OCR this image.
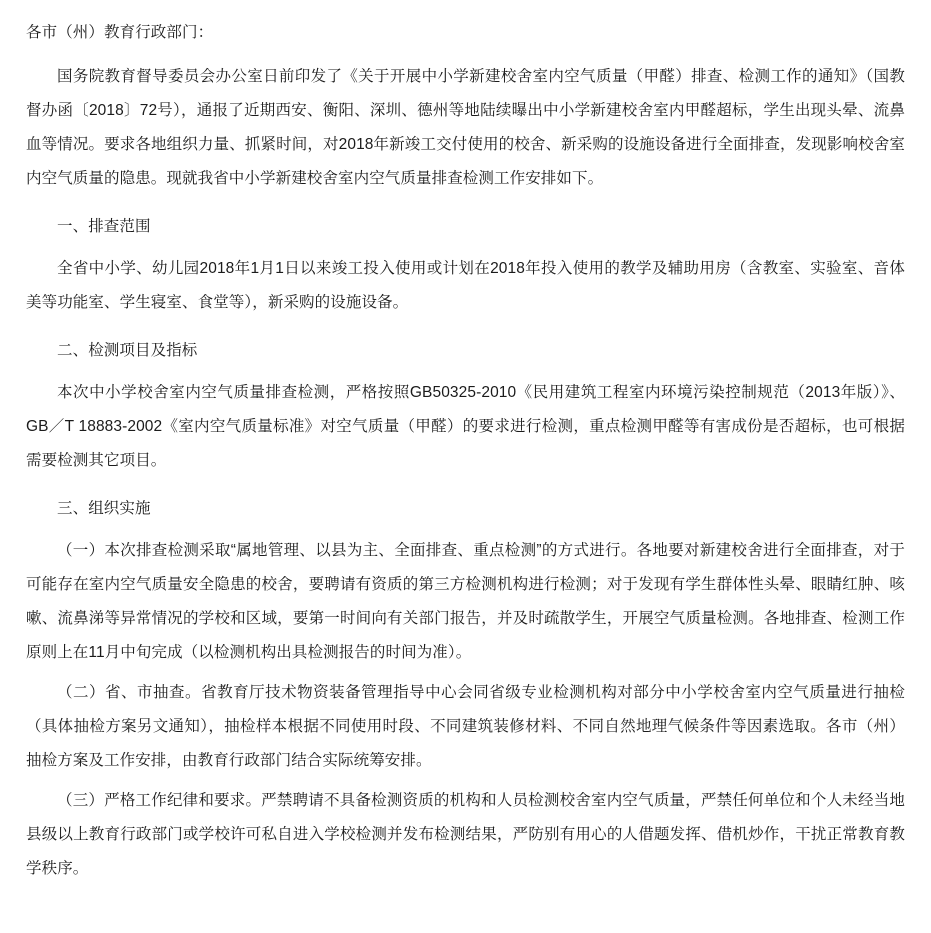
各市（州）教育行政部门：

国务院教育督导委员会办公室日前印发了《关于开展中小学新建校舍室内空气质量（甲醛）排查、检测工作的通知》（国教督办函〔2018〕72号），通报了近期西安、衡阳、深圳、德州等地陆续曝出中小学新建校舍室内甲醛超标，学生出现头晕、流鼻血等情况。要求各地组织力量、抓紧时间，对2018年新竣工交付使用的校舍、新采购的设施设备进行全面排查，发现影响校舍室内空气质量的隐患。现就我省中小学新建校舍室内空气质量排查检测工作安排如下。

一、排查范围

全省中小学、幼儿园2018年1月1日以来竣工投入使用或计划在2018年投入使用的教学及辅助用房（含教室、实验室、音体美等功能室、学生寝室、食堂等），新采购的设施设备。

二、检测项目及指标

本次中小学校舍室内空气质量排查检测，严格按照GB50325-2010《民用建筑工程室内环境污染控制规范（2013年版）》、GB／T 18883-2002《室内空气质量标准》对空气质量（甲醛）的要求进行检测，重点检测甲醛等有害成份是否超标，也可根据需要检测其它项目。

三、组织实施

（一）本次排查检测采取“属地管理、以县为主、全面排查、重点检测”的方式进行。各地要对新建校舍进行全面排查，对于可能存在室内空气质量安全隐患的校舍，要聘请有资质的第三方检测机构进行检测；对于发现有学生群体性头晕、眼睛红肿、咳嗽、流鼻涕等异常情况的学校和区域，要第一时间向有关部门报告，并及时疏散学生，开展空气质量检测。各地排查、检测工作原则上在11月中旬完成（以检测机构出具检测报告的时间为准）。

（二）省、市抽查。省教育厅技术物资装备管理指导中心会同省级专业检测机构对部分中小学校舍室内空气质量进行抽检（具体抽检方案另文通知），抽检样本根据不同使用时段、不同建筑装修材料、不同自然地理气候条件等因素选取。各市（州）抽检方案及工作安排，由教育行政部门结合实际统筹安排。

（三）严格工作纪律和要求。严禁聘请不具备检测资质的机构和人员检测校舍室内空气质量，严禁任何单位和个人未经当地县级以上教育行政部门或学校许可私自进入学校检测并发布检测结果，严防别有用心的人借题发挥、借机炒作，干扰正常教育教学秩序。
